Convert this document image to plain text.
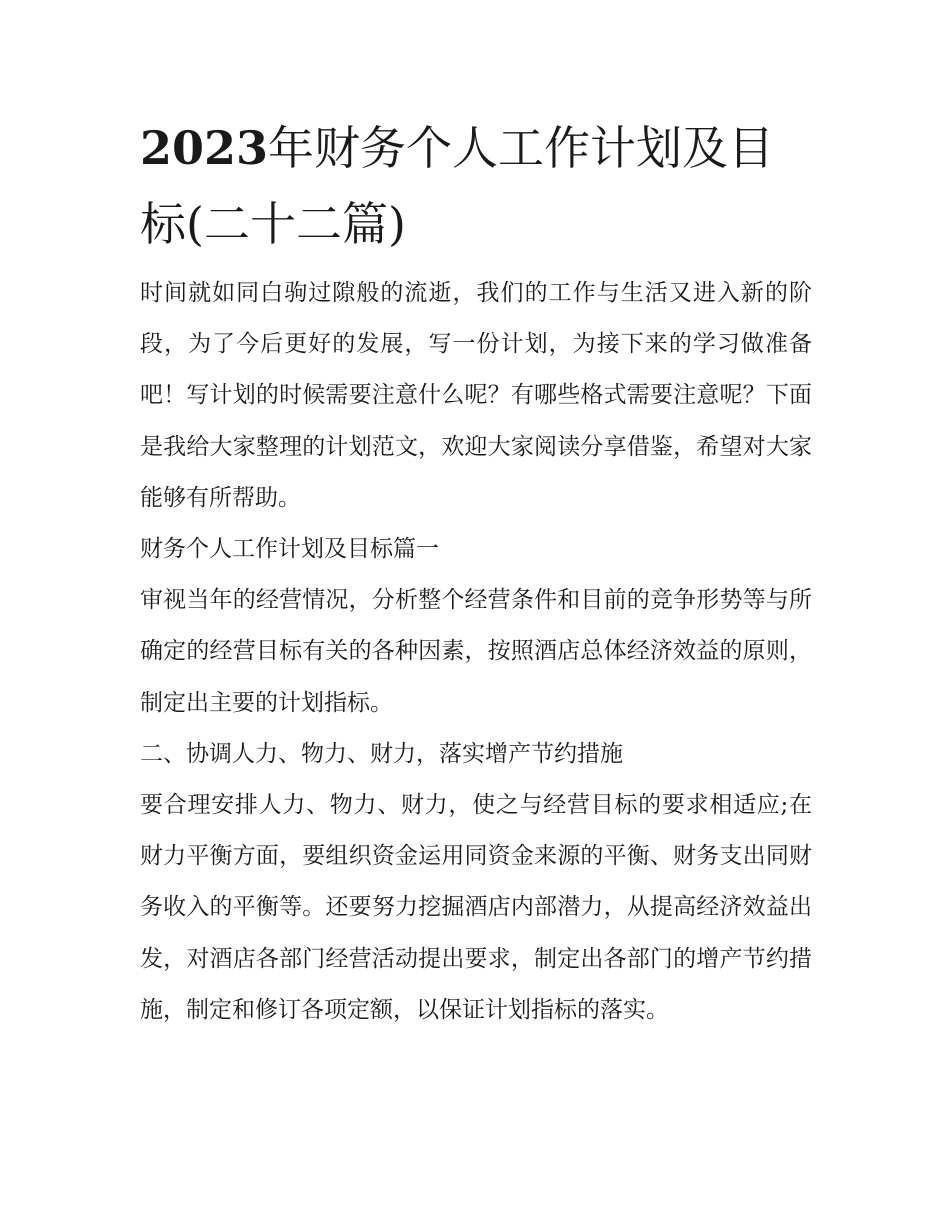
2023年财务个人工作计划及目标(二十二篇)

时间就如同白驹过隙般的流逝，我们的工作与生活又进入新的阶段，为了今后更好的发展，写一份计划，为接下来的学习做准备吧！写计划的时候需要注意什么呢？有哪些格式需要注意呢？下面是我给大家整理的计划范文，欢迎大家阅读分享借鉴，希望对大家能够有所帮助。

财务个人工作计划及目标篇一

审视当年的经营情况，分析整个经营条件和目前的竞争形势等与所确定的经营目标有关的各种因素，按照酒店总体经济效益的原则，制定出主要的计划指标。

二、协调人力、物力、财力，落实增产节约措施

要合理安排人力、物力、财力，使之与经营目标的要求相适应;在财力平衡方面，要组织资金运用同资金来源的平衡、财务支出同财务收入的平衡等。还要努力挖掘酒店内部潜力，从提高经济效益出发，对酒店各部门经营活动提出要求，制定出各部门的增产节约措施，制定和修订各项定额，以保证计划指标的落实。
